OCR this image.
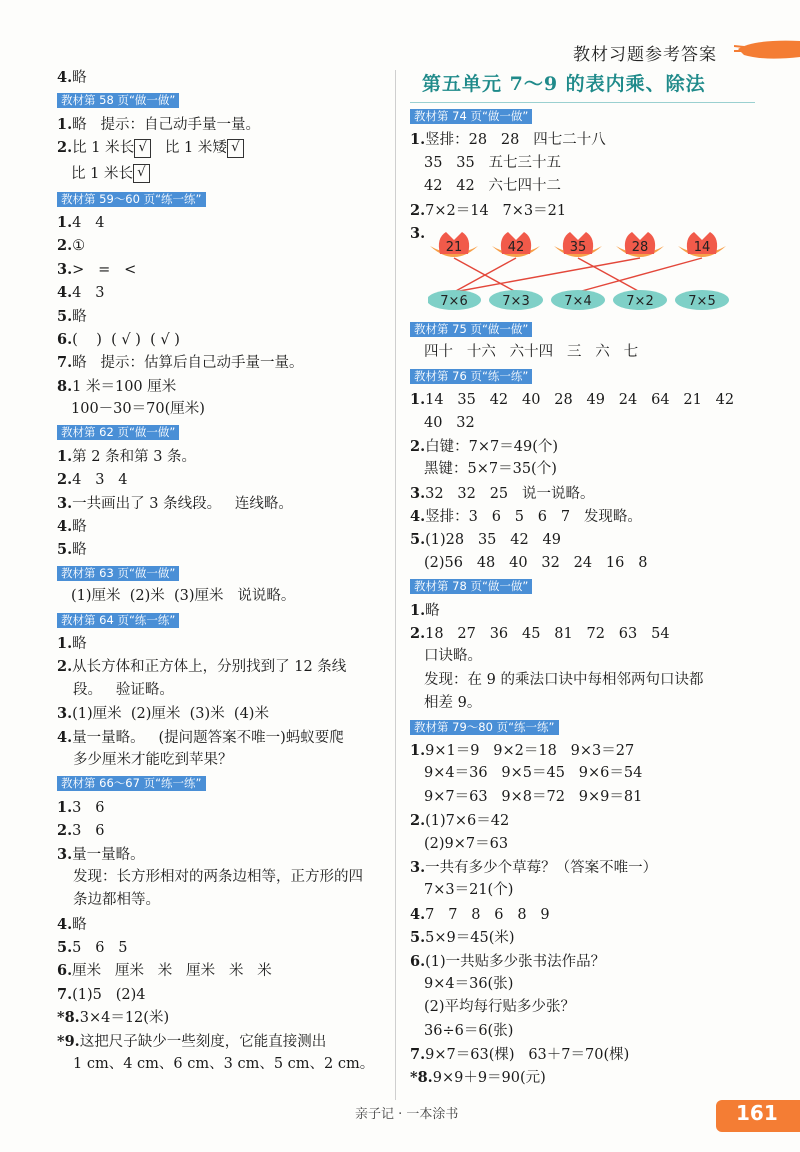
教材习题参考答案
4.略
教材第 58 页“做一做”
1.略   提示：自己动手量一量。
2.比 1 米长 √ 比 1 米矮 √
比 1 米长 √
教材第 59～60 页“练一练”
1.4   4
2.①
3.>   =   <
4.4   3
5.略
6.(    )  ( √ )  ( √ )
7.略   提示：估算后自己动手量一量。
8.1 米＝100 厘米
100－30＝70(厘米)
教材第 62 页“做一做”
1.第 2 条和第 3 条。
2.4   3   4
3.一共画出了 3 条线段。   连线略。
4.略
5.略
教材第 63 页“做一做”
(1)厘米  (2)米  (3)厘米   说说略。
教材第 64 页“练一练”
1.略
2.从长方体和正方体上，分别找到了 12 条线
段。   验证略。
3.(1)厘米  (2)厘米  (3)米  (4)米
4.量一量略。   (提问题答案不唯一)蚂蚁要爬
多少厘米才能吃到苹果？
教材第 66～67 页“练一练”
1.3   6
2.3   6
3.量一量略。
发现：长方形相对的两条边相等，正方形的四
条边都相等。
4.略
5.5   6   5
6.厘米   厘米   米   厘米   米   米
7.(1)5   (2)4
*8.3×4＝12(米)
*9.这把尺子缺少一些刻度，它能直接测出
1 cm、4 cm、6 cm、3 cm、5 cm、2 cm。
第五单元 7～9 的表内乘、除法
教材第 74 页“做一做”
1.竖排：28   28   四七二十八
35   35   五七三十五
42   42   六七四十二
2.7×2＝14   7×3＝21
3.
21	42	35	28	14
7×6	7×3	7×4	7×2	7×5
教材第 75 页“做一做”
四十   十六   六十四   三   六   七
教材第 76 页“练一练”
1.14   35   42   40   28   49   24   64   21   42
40   32
2.白键：7×7＝49(个)
黑键：5×7＝35(个)
3.32   32   25   说一说略。
4.竖排：3   6   5   6   7   发现略。
5.(1)28   35   42   49
(2)56   48   40   32   24   16   8
教材第 78 页“做一做”
1.略
2.18   27   36   45   81   72   63   54
口诀略。
发现：在 9 的乘法口诀中每相邻两句口诀都
相差 9。
教材第 79～80 页“练一练”
1.9×1＝9   9×2＝18   9×3＝27
9×4＝36   9×5＝45   9×6＝54
9×7＝63   9×8＝72   9×9＝81
2.(1)7×6＝42
(2)9×7＝63
3.一共有多少个草莓？（答案不唯一）
7×3＝21(个)
4.7   7   8   6   8   9
5.5×9＝45(米)
6.(1)一共贴多少张书法作品？
9×4＝36(张)
(2)平均每行贴多少张？
36÷6＝6(张)
7.9×7＝63(棵)   63＋7＝70(棵)
*8.9×9＋9＝90(元)
161
亲子记 · 一本涂书
